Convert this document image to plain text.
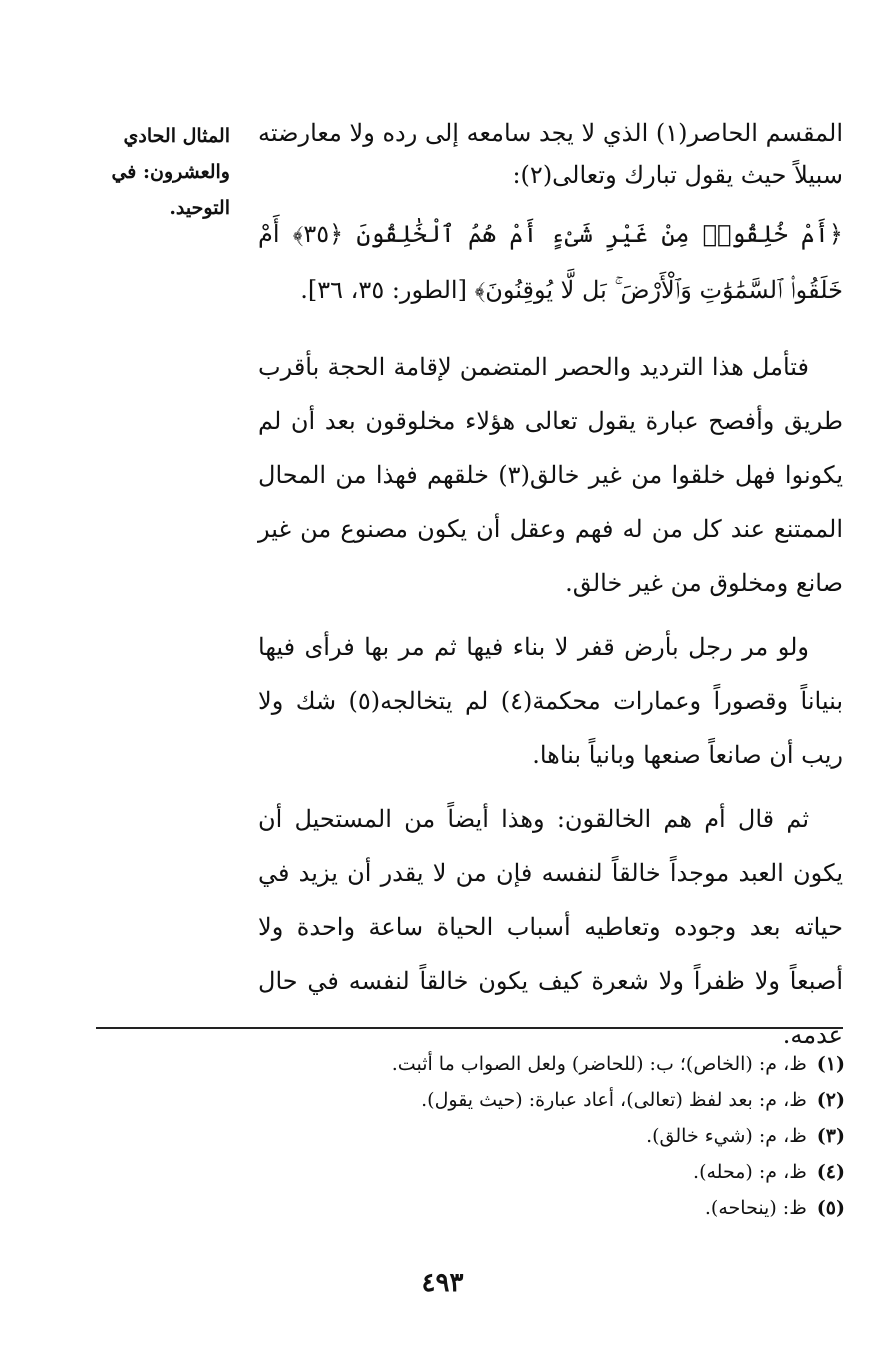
المثال الحادي
والعشرون: في
التوحيد.

المقسم الحاصر(١) الذي لا يجد سامعه إلى رده ولا معارضته سبيلاً حيث يقول تبارك وتعالى(٢):

﴿أَمْ خُلِقُوا۟ مِنْ غَيْرِ شَىْءٍ أَمْ هُمُ ٱلْخَٰلِقُونَ ﴿٣٥﴾ أَمْ خَلَقُوا۟ ٱلسَّمَٰوَٰتِ وَٱلْأَرْضَ ۚ بَل لَّا يُوقِنُونَ﴾ [الطور: ٣٥، ٣٦].

فتأمل هذا الترديد والحصر المتضمن لإقامة الحجة بأقرب طريق وأفصح عبارة يقول تعالى هؤلاء مخلوقون بعد أن لم يكونوا فهل خلقوا من غير خالق(٣) خلقهم فهذا من المحال الممتنع عند كل من له فهم وعقل أن يكون مصنوع من غير صانع ومخلوق من غير خالق.

ولو مر رجل بأرض قفر لا بناء فيها ثم مر بها فرأى فيها بنياناً وقصوراً وعمارات محكمة(٤) لم يتخالجه(٥) شك ولا ريب أن صانعاً صنعها وبانياً بناها.

ثم قال أم هم الخالقون: وهذا أيضاً من المستحيل أن يكون العبد موجداً خالقاً لنفسه فإن من لا يقدر أن يزيد في حياته بعد وجوده وتعاطيه أسباب الحياة ساعة واحدة ولا أصبعاً ولا ظفراً ولا شعرة كيف يكون خالقاً لنفسه في حال عدمه.

(١)ظ، م: (الخاص)؛ ب: (للحاضر) ولعل الصواب ما أثبت.
(٢)ظ، م: بعد لفظ (تعالى)، أعاد عبارة: (حيث يقول).
(٣)ظ، م: (شيء خالق).
(٤)ظ، م: (محله).
(٥)ظ: (ينحاحه).
٤٩٣
